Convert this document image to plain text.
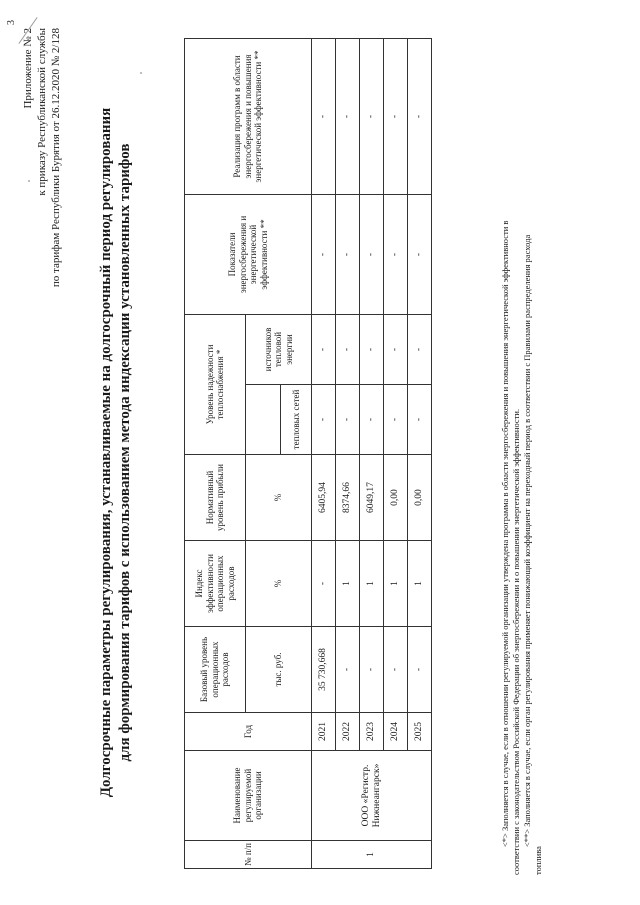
3
Приложение № 2 к приказу Республиканской службы по тарифам Республики Бурятия от 26.12.2020 № 2/128 Долгосрочные параметры регулирования, устанавливаемые на долгосрочный период регулирования для формирования тарифов с использованием метода индексации установленных тарифов
№ п/п	Наименование регулируемой организации	Год	Базовый уровень операционных расходов	Индекс эффективности операционных расходов	Нормативный уровень прибыли	Уровень надежности теплоснабжения *		Показатели энергосбережения и энергетической эффективности **	Реализация программ в области энергосбережения и повышения энергетической эффективности **
			тыс. руб.	%	%		источников тепловой энергии		
						тепловых сетей			
1	ООО «Регистр. Нижнеангарск»	2021	35 730,668	-	6405,94	-	-	-	-
		2022	-	1	8374,66	-	-	-	-
		2023	-	1	6049,17	-	-	-	-
		2024	-	1	0,00	-	-	-	-
		2025	-	1	0,00	-	-	-	-
<*> Заполняется в случае, если в отношении регулируемой организации утверждена программа в области энергосбережения и повышения энергетической эффективности в соответствии с законодательством Российской Федерации об энергосбережении и о повышении энергетической эффективности. <**> Заполняется в случае, если орган регулирования применяет понижающий коэффициент на переходный период в соответствии с Правилами распределения расхода
топлива
